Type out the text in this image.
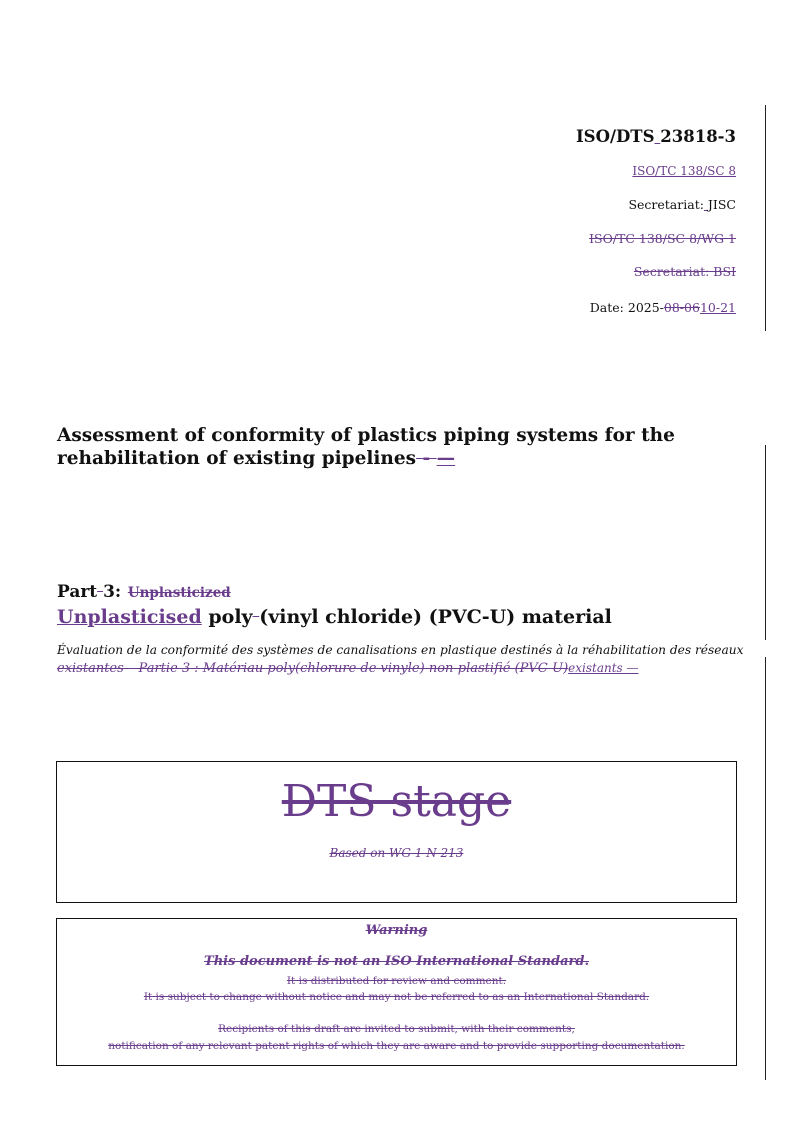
ISO/DTS 23818-3
ISO/TC 138/SC 8
Secretariat: JISC
ISO/TC 138/SC 8/WG 1
Secretariat: BSI
Date: 2025-08-0610-21

Assessment of conformity of plastics piping systems for the rehabilitation of existing pipelines - —

Part 3: Unplasticized
Unplasticised poly (vinyl chloride) (PVC-U) material

Évaluation de la conformité des systèmes de canalisations en plastique destinés à la réhabilitation des réseaux
existantes – Partie 3 : Matériau poly(chlorure de vinyle) non-plastifié (PVC-U)existants —

DTS stage
Based on WG 1 N 213
Warning
This document is not an ISO International Standard.
It is distributed for review and comment.
It is subject to change without notice and may not be referred to as an International Standard.
Recipients of this draft are invited to submit, with their comments,
notification of any relevant patent rights of which they are aware and to provide supporting documentation.
